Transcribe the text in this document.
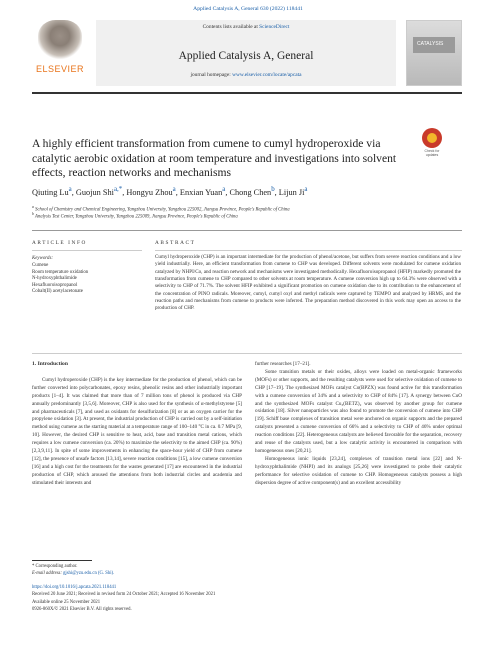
Applied Catalysis A, General 630 (2022) 118441
ELSEVIER
Contents lists available at ScienceDirect
Applied Catalysis A, General
journal homepage: www.elsevier.com/locate/apcata
CATALYSIS
A highly efficient transformation from cumene to cumyl hydroperoxide via catalytic aerobic oxidation at room temperature and investigations into solvent effects, reaction networks and mechanisms
Check for updates
Qiuting Lu$^a$, Guojun Shi$^{a,*}$, Hongyu Zhou$^a$, Enxian Yuan$^a$, Chong Chen$^b$, Lijun Ji$^a$
$^a$ School of Chemistry and Chemical Engineering, Yangzhou University, Yangzhou 225002, Jiangsu Province, People's Republic of China
$^b$ Analysis Test Center, Yangzhou University, Yangzhou 225009, Jiangsu Province, People's Republic of China
ARTICLE INFO	ABSTRACT
Keywords:
Cumene
Room temperature oxidation
N-hydroxyphthalimide
Hexafluoroisopropanol
Cobalt(II) acetylacetonate
Cumyl hydroperoxide (CHP) is an important intermediate for the production of phenol/acetone, but suffers from severe reaction conditions and a low yield industrially. Here, an efficient transformation from cumene to CHP was developed. Different solvents were modulated for cumene oxidation catalyzed by NHPI/Co, and reaction network and mechanisms were investigated methodically. Hexafluoroisopropanol (HFIP) markedly promoted the transformation from cumene to CHP compared to other solvents at room temperature. A cumene conversion high up to 64.3% were observed with a selectivity to CHP of 71.7%. The solvent HFIP exhibited a significant promotion on cumene oxidation due to its contribution to the enhancement of the concentration of PINO radicals. Moreover, cumyl, cumyl oxyl and methyl radicals were captured by TEMPO and analyzed by HRMS, and the reaction paths and mechanisms from cumene to products were inferred. The preparation method discovered in this work may open an access to the production of CHP.
1. Introduction

Cumyl hydroperoxide (CHP) is the key intermediate for the production of phenol, which can be further converted into polycarbonates, epoxy resins, phenolic resins and other industrially important products [1–4]. It was claimed that more than of 7 million tons of phenol is produced via CHP annually predominantly [3,5,6]. Moreover, CHP is also used for the synthesis of α-methylstyrene [5] and pharmaceuticals [7], and used as oxidants for desulfurization [8] or as an oxygen carrier for the propylene oxidation [3]. At present, the industrial production of CHP is carried out by a self-initiation method using cumene as the starting material at a temperature range of 100–140 °C in ca. 0.7 MPa [9, 10]. However, the desired CHP is sensitive to heat, acid, base and transition metal cations, which requires a low cumene conversion (ca. 20%) to maximize the selectivity to the aimed CHP (ca. 90%) [2,3,9,11]. In spite of some improvements in enhancing the space-hour yield of CHP from cumene [12], the presence of unsafe factors [13,14], severe reaction conditions [15], a low cumene conversion [16] and a high cost for the treatments for the wastes generated [17] are encountered in the industrial production of CHP, which aroused the attentions from both industrial circles and academia and stimulated their interests and

further researches [17–21].

Some transition metals or their oxides, alloys were loaded on metal-organic frameworks (MOFs) or other supports, and the resulting catalysts were used for selective oxidation of cumene to CHP [17–19]. The synthesized MOFs catalyst Co(BPZX) was found active for this transformation with a cumene conversion of 34% and a selectivity to CHP of 84% [17]. A synergy between CuO and the synthesized MOFs catalyst Cu₃(BETZ)₂ was observed by another group for cumene oxidation [18]. Silver nanoparticles was also found to promote the conversion of cumene into CHP [19]. Schiff base complexes of transition metal were anchored on organic supports and the prepared catalysts presented a cumene conversion of 66% and a selectivity to CHP of 46% under optimal reaction conditions [22]. Heterogeneous catalysts are believed favorable for the separation, recovery and reuse of the catalysts used, but a low catalytic activity is encountered in comparison with homogeneous ones [20,21].

Homogeneous ionic liquids [23,24], complexes of transition metal ions [22] and N-hydroxyphthalimide (NHPI) and its analogs [25,26] were investigated to probe their catalytic performance for selective oxidation of cumene to CHP. Homogeneous catalysts possess a high dispersion degree of active component(s) and an excellent accessibility

* Corresponding author.
E-mail address: gjshi@yzu.edu.cn (G. Shi).
https://doi.org/10.1016/j.apcata.2021.118441
Received 20 June 2021; Received in revised form 24 October 2021; Accepted 16 November 2021
Available online 25 November 2021
0926-860X/© 2021 Elsevier B.V. All rights reserved.
